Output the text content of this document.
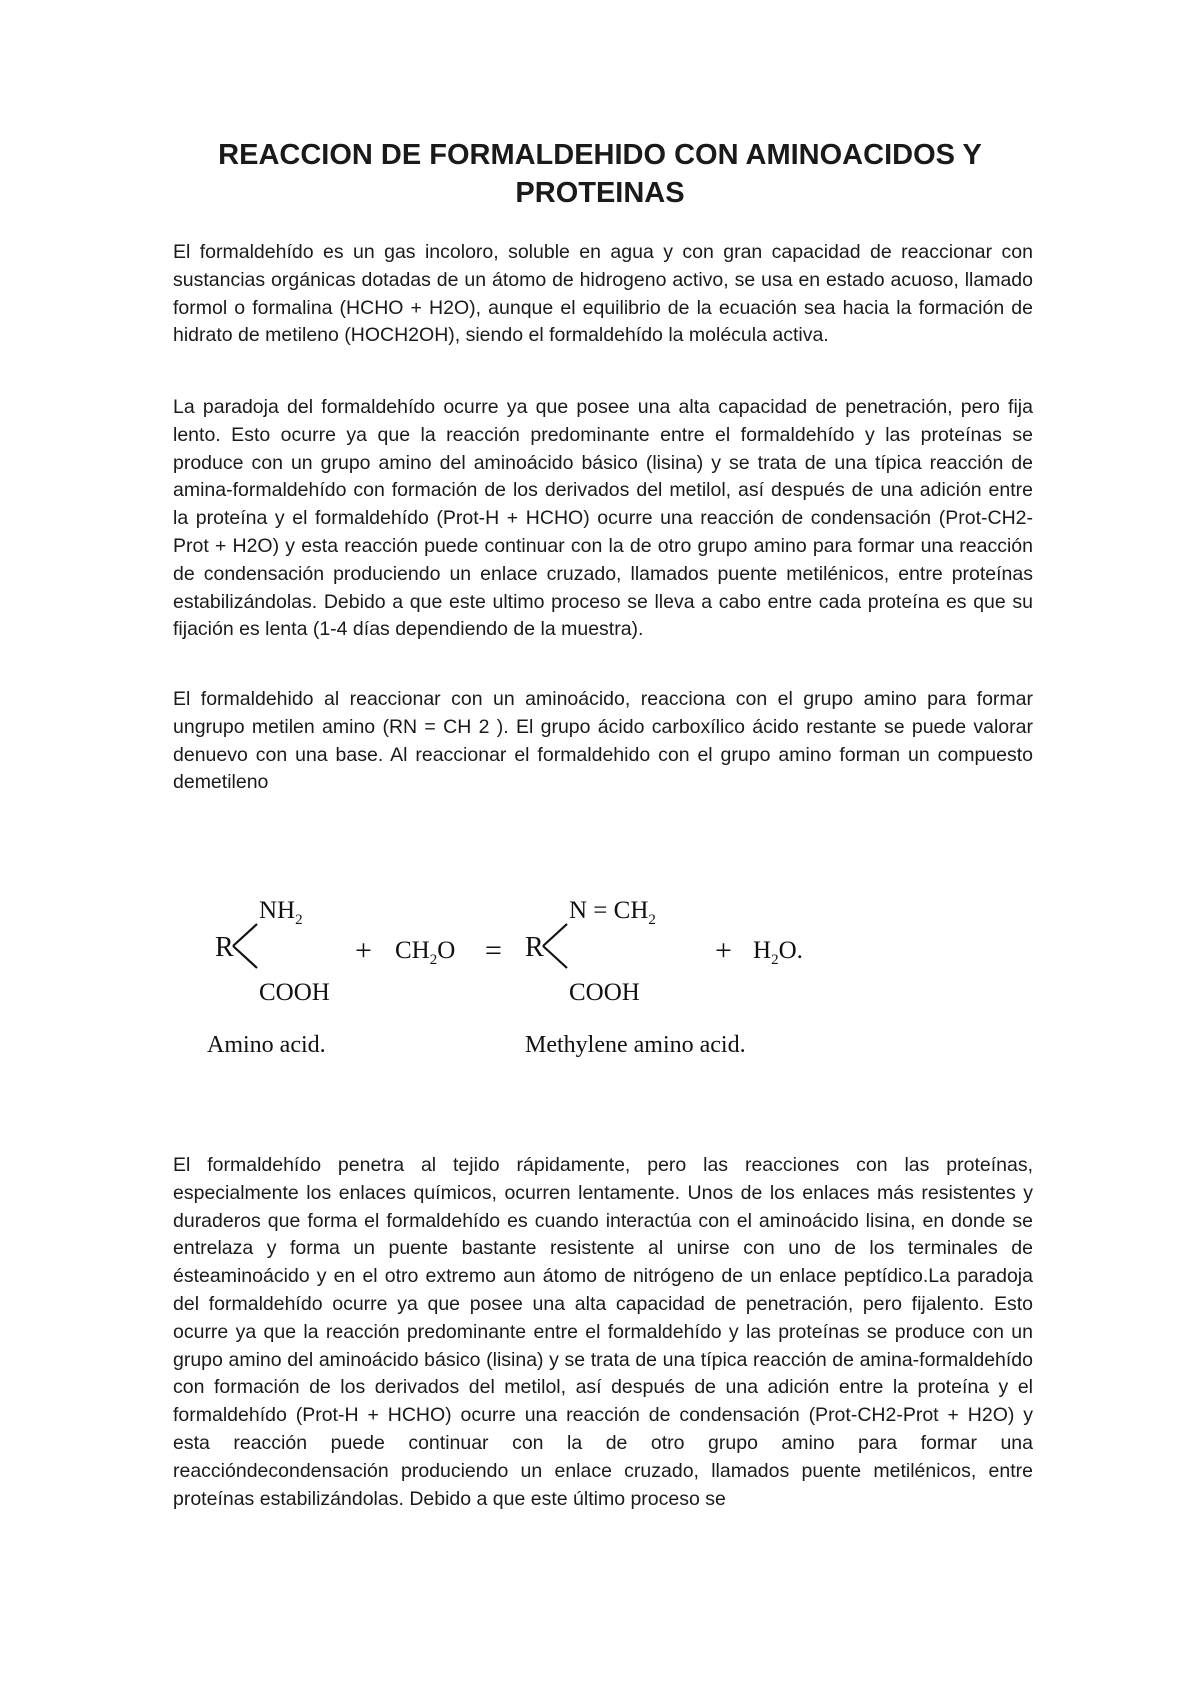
REACCION DE FORMALDEHIDO CON AMINOACIDOS Y PROTEINAS

El formaldehído es un gas incoloro, soluble en agua y con gran capacidad de reaccionar con sustancias orgánicas dotadas de un átomo de hidrogeno activo, se usa en estado acuoso, llamado formol o formalina (HCHO + H2O), aunque el equilibrio de la ecuación sea hacia la formación de hidrato de metileno (HOCH2OH), siendo el formaldehído la molécula activa.

La paradoja del formaldehído ocurre ya que posee una alta capacidad de penetración, pero fija lento. Esto ocurre ya que la reacción predominante entre el formaldehído y las proteínas se produce con un grupo amino del aminoácido básico (lisina) y se trata de una típica reacción de amina-formaldehído con formación de los derivados del metilol, así después de una adición entre la proteína y el formaldehído (Prot-H + HCHO) ocurre una reacción de condensación (Prot-CH2-Prot + H2O) y esta reacción puede continuar con la de otro grupo amino para formar una reacción de condensación produciendo un enlace cruzado, llamados puente metilénicos, entre proteínas estabilizándolas. Debido a que este ultimo proceso se lleva a cabo entre cada proteína es que su fijación es lenta (1-4 días dependiendo de la muestra).

El formaldehido al reaccionar con un aminoácido, reacciona con el grupo amino para formar ungrupo metilen amino (RN = CH 2 ). El grupo ácido carboxílico ácido restante se puede valorar denuevo con una base. Al reaccionar el formaldehido con el grupo amino forman un compuesto demetileno

R
$NH_2$
COOH
Amino acid.
+ $CH_2O = R$
$N = CH_2$
COOH
Methylene amino acid.
+ $H_2O$.

El formaldehído penetra al tejido rápidamente, pero las reacciones con las proteínas, especialmente los enlaces químicos, ocurren lentamente. Unos de los enlaces más resistentes y duraderos que forma el formaldehído es cuando interactúa con el aminoácido lisina, en donde se entrelaza y forma un puente bastante resistente al unirse con uno de los terminales de ésteaminoácido y en el otro extremo aun átomo de nitrógeno de un enlace peptídico.La paradoja del formaldehído ocurre ya que posee una alta capacidad de penetración, pero fijalento. Esto ocurre ya que la reacción predominante entre el formaldehído y las proteínas se produce con un grupo amino del aminoácido básico (lisina) y se trata de una típica reacción de amina-formaldehído con formación de los derivados del metilol, así después de una adición entre la proteína y el formaldehído (Prot-H + HCHO) ocurre una reacción de condensación (Prot-CH2-Prot + H2O) y esta reacción puede continuar con la de otro grupo amino para formar una reaccióndecondensación produciendo un enlace cruzado, llamados puente metilénicos, entre proteínas estabilizándolas. Debido a que este último proceso se
